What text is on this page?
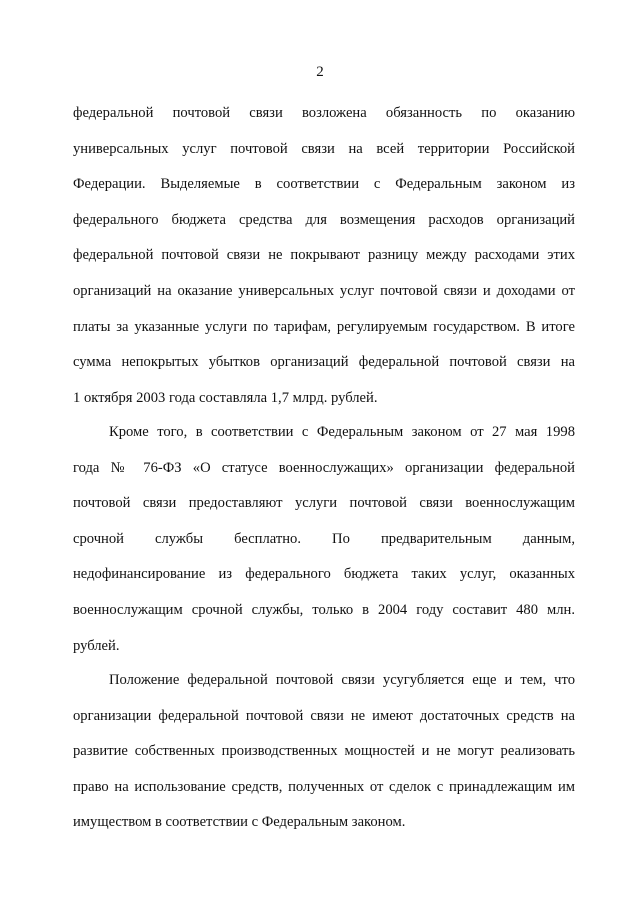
2
федеральной почтовой связи возложена обязанность по оказанию
универсальных услуг почтовой связи на всей территории Российской
Федерации. Выделяемые в соответствии с Федеральным законом из
федерального бюджета средства для возмещения расходов организаций
федеральной почтовой связи не покрывают разницу между расходами этих
организаций на оказание универсальных услуг почтовой связи и доходами от
платы за указанные услуги по тарифам, регулируемым государством. В итоге
сумма непокрытых убытков организаций федеральной почтовой связи на
1 октября 2003 года составляла 1,7 млрд. рублей.
Кроме того, в соответствии с Федеральным законом от 27 мая 1998
года № 76-ФЗ «О статусе военнослужащих» организации федеральной
почтовой связи предоставляют услуги почтовой связи военнослужащим
срочной службы бесплатно. По предварительным данным,
недофинансирование из федерального бюджета таких услуг, оказанных
военнослужащим срочной службы, только в 2004 году составит 480 млн.
рублей.
Положение федеральной почтовой связи усугубляется еще и тем, что
организации федеральной почтовой связи не имеют достаточных средств на
развитие собственных производственных мощностей и не могут реализовать
право на использование средств, полученных от сделок с принадлежащим им
имуществом в соответствии с Федеральным законом.
